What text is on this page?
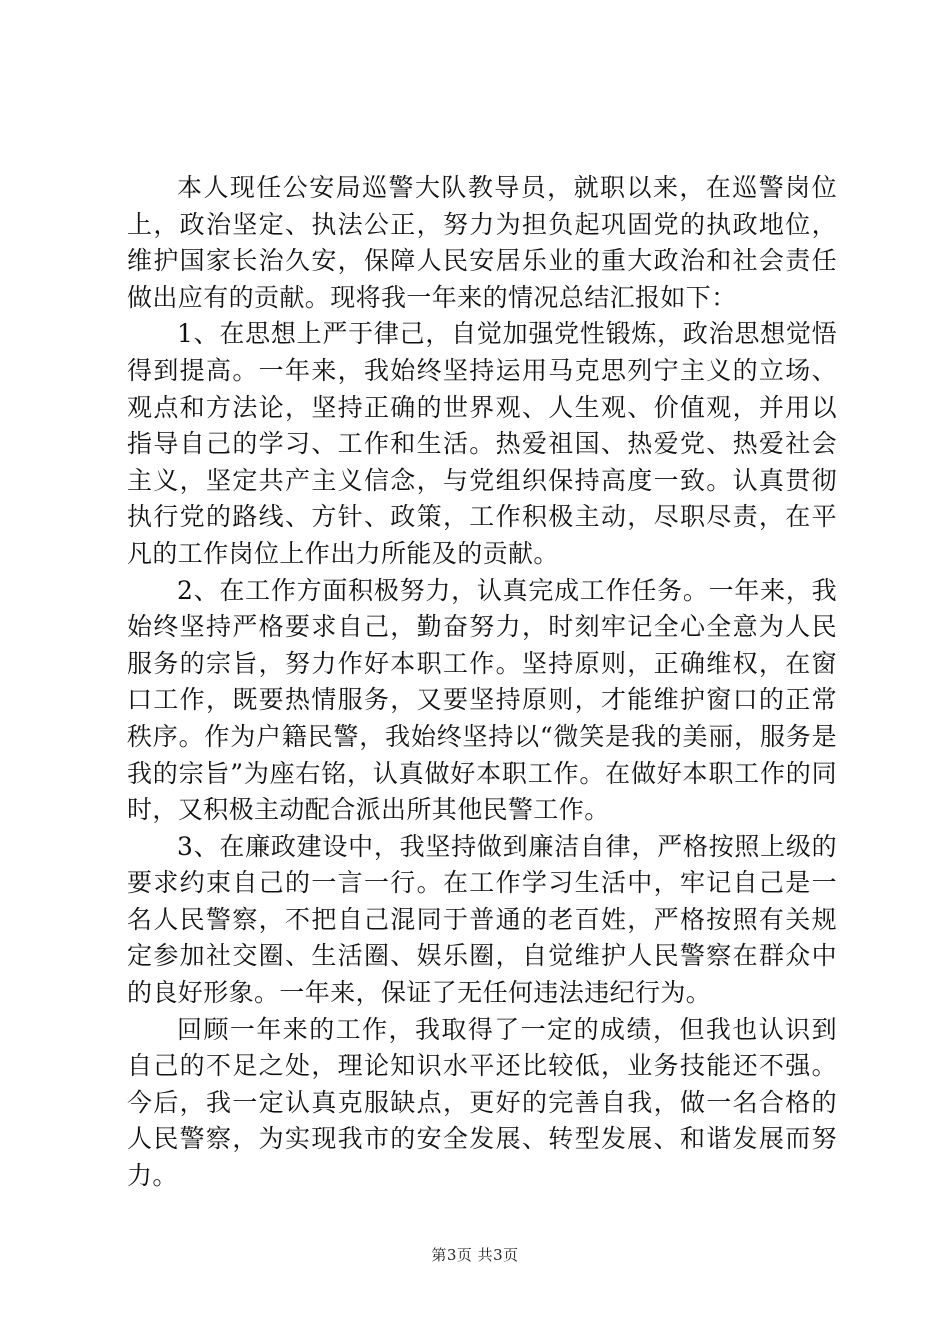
本人现任公安局巡警大队教导员，就职以来，在巡警岗位上，政治坚定、执法公正，努力为担负起巩固党的执政地位，维护国家长治久安，保障人民安居乐业的重大政治和社会责任做出应有的贡献。现将我一年来的情况总结汇报如下：

1、在思想上严于律己，自觉加强党性锻炼，政治思想觉悟得到提高。一年来，我始终坚持运用马克思列宁主义的立场、观点和方法论，坚持正确的世界观、人生观、价值观，并用以指导自己的学习、工作和生活。热爱祖国、热爱党、热爱社会主义，坚定共产主义信念，与党组织保持高度一致。认真贯彻执行党的路线、方针、政策，工作积极主动，尽职尽责，在平凡的工作岗位上作出力所能及的贡献。

2、在工作方面积极努力，认真完成工作任务。一年来，我始终坚持严格要求自己，勤奋努力，时刻牢记全心全意为人民服务的宗旨，努力作好本职工作。坚持原则，正确维权，在窗口工作，既要热情服务，又要坚持原则，才能维护窗口的正常秩序。作为户籍民警，我始终坚持以“微笑是我的美丽，服务是我的宗旨”为座右铭，认真做好本职工作。在做好本职工作的同时，又积极主动配合派出所其他民警工作。

3、在廉政建设中，我坚持做到廉洁自律，严格按照上级的要求约束自己的一言一行。在工作学习生活中，牢记自己是一名人民警察，不把自己混同于普通的老百姓，严格按照有关规定参加社交圈、生活圈、娱乐圈，自觉维护人民警察在群众中的良好形象。一年来，保证了无任何违法违纪行为。

回顾一年来的工作，我取得了一定的成绩，但我也认识到自己的不足之处，理论知识水平还比较低，业务技能还不强。今后，我一定认真克服缺点，更好的完善自我，做一名合格的人民警察，为实现我市的安全发展、转型发展、和谐发展而努力。

第3页 共3页
